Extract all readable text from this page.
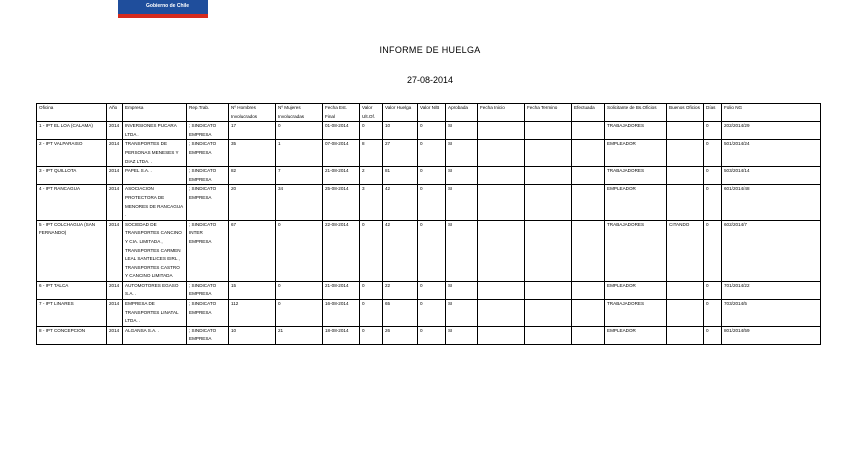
Gobierno de Chile
INFORME DE HUELGA
27-08-2014
Oficina	Año	Empresa	Rep.Trab.	Nº Hombres Involucrados	Nº Mujeres Involucradas	Fecha Est. Final	Valor Ult.Of.	Valor Huelga	Valor N/B	Aprobada	Fecha Inicio	Fecha Termino	Efectuada	Solicitante de Bs.Oficios	Buenos Oficios	Días	Folio NG
1 - IPT EL LOA (CALAMA)	2014	INVERSIONES PUCARA LTDA .	; SINDICATO EMPRESA	17	0	01-08-2014	0	10	0	SI				TRABAJADORES		0	202/2014/29
2 - IPT VALPARAISO	2014	TRANSPORTES DE PERSONAS MENESES Y DIAZ LTDA. .	; SINDICATO EMPRESA	35	1	07-08-2014	8	27	0	SI				EMPLEADOR		0	501/2014/24
3 - IPT QUILLOTA	2014	PAPEL S.A. .	; SINDICATO EMPRESA	82	7	21-08-2014	2	81	0	SI				TRABAJADORES		0	503/2014/14
4 - IPT RANCAGUA	2014	ASOCIACION PROTECTORA DE MENORES DE RANCAGUA .	; SINDICATO EMPRESA	20	34	25-08-2014	3	42	0	SI				EMPLEADOR		0	601/2014/48
5 - IPT COLCHAGUA (SAN FERNANDO)	2014	SOCIEDAD DE TRANSPORTES CANCINO Y CIA. LIMITADA , TRANSPORTES CARMEN LEAL SANTELICES EIRL , TRANSPORTES CASTRO Y CANCINO LIMITADA	; SINDICATO INTER EMPRESA	67	0	22-08-2014	0	42	0	SI				TRABAJADORES	CITANDO	0	602/2014/7
6 - IPT TALCA	2014	AUTOMOTORES EGASO S.A. .	; SINDICATO EMPRESA	15	0	21-08-2014	0	22	0	SI				EMPLEADOR		0	701/2014/22
7 - IPT LINARES	2014	EMPRESA DE TRANSPORTES LINATAL LTDA. .	; SINDICATO EMPRESA	112	0	16-08-2014	0	65	0	SI				TRABAJADORES		0	703/2014/5
8 - IPT CONCEPCION	2014	ALGANSA S.A. .	; SINDICATO EMPRESA	10	21	18-08-2014	0	26	0	SI				EMPLEADOR		0	801/2014/59
